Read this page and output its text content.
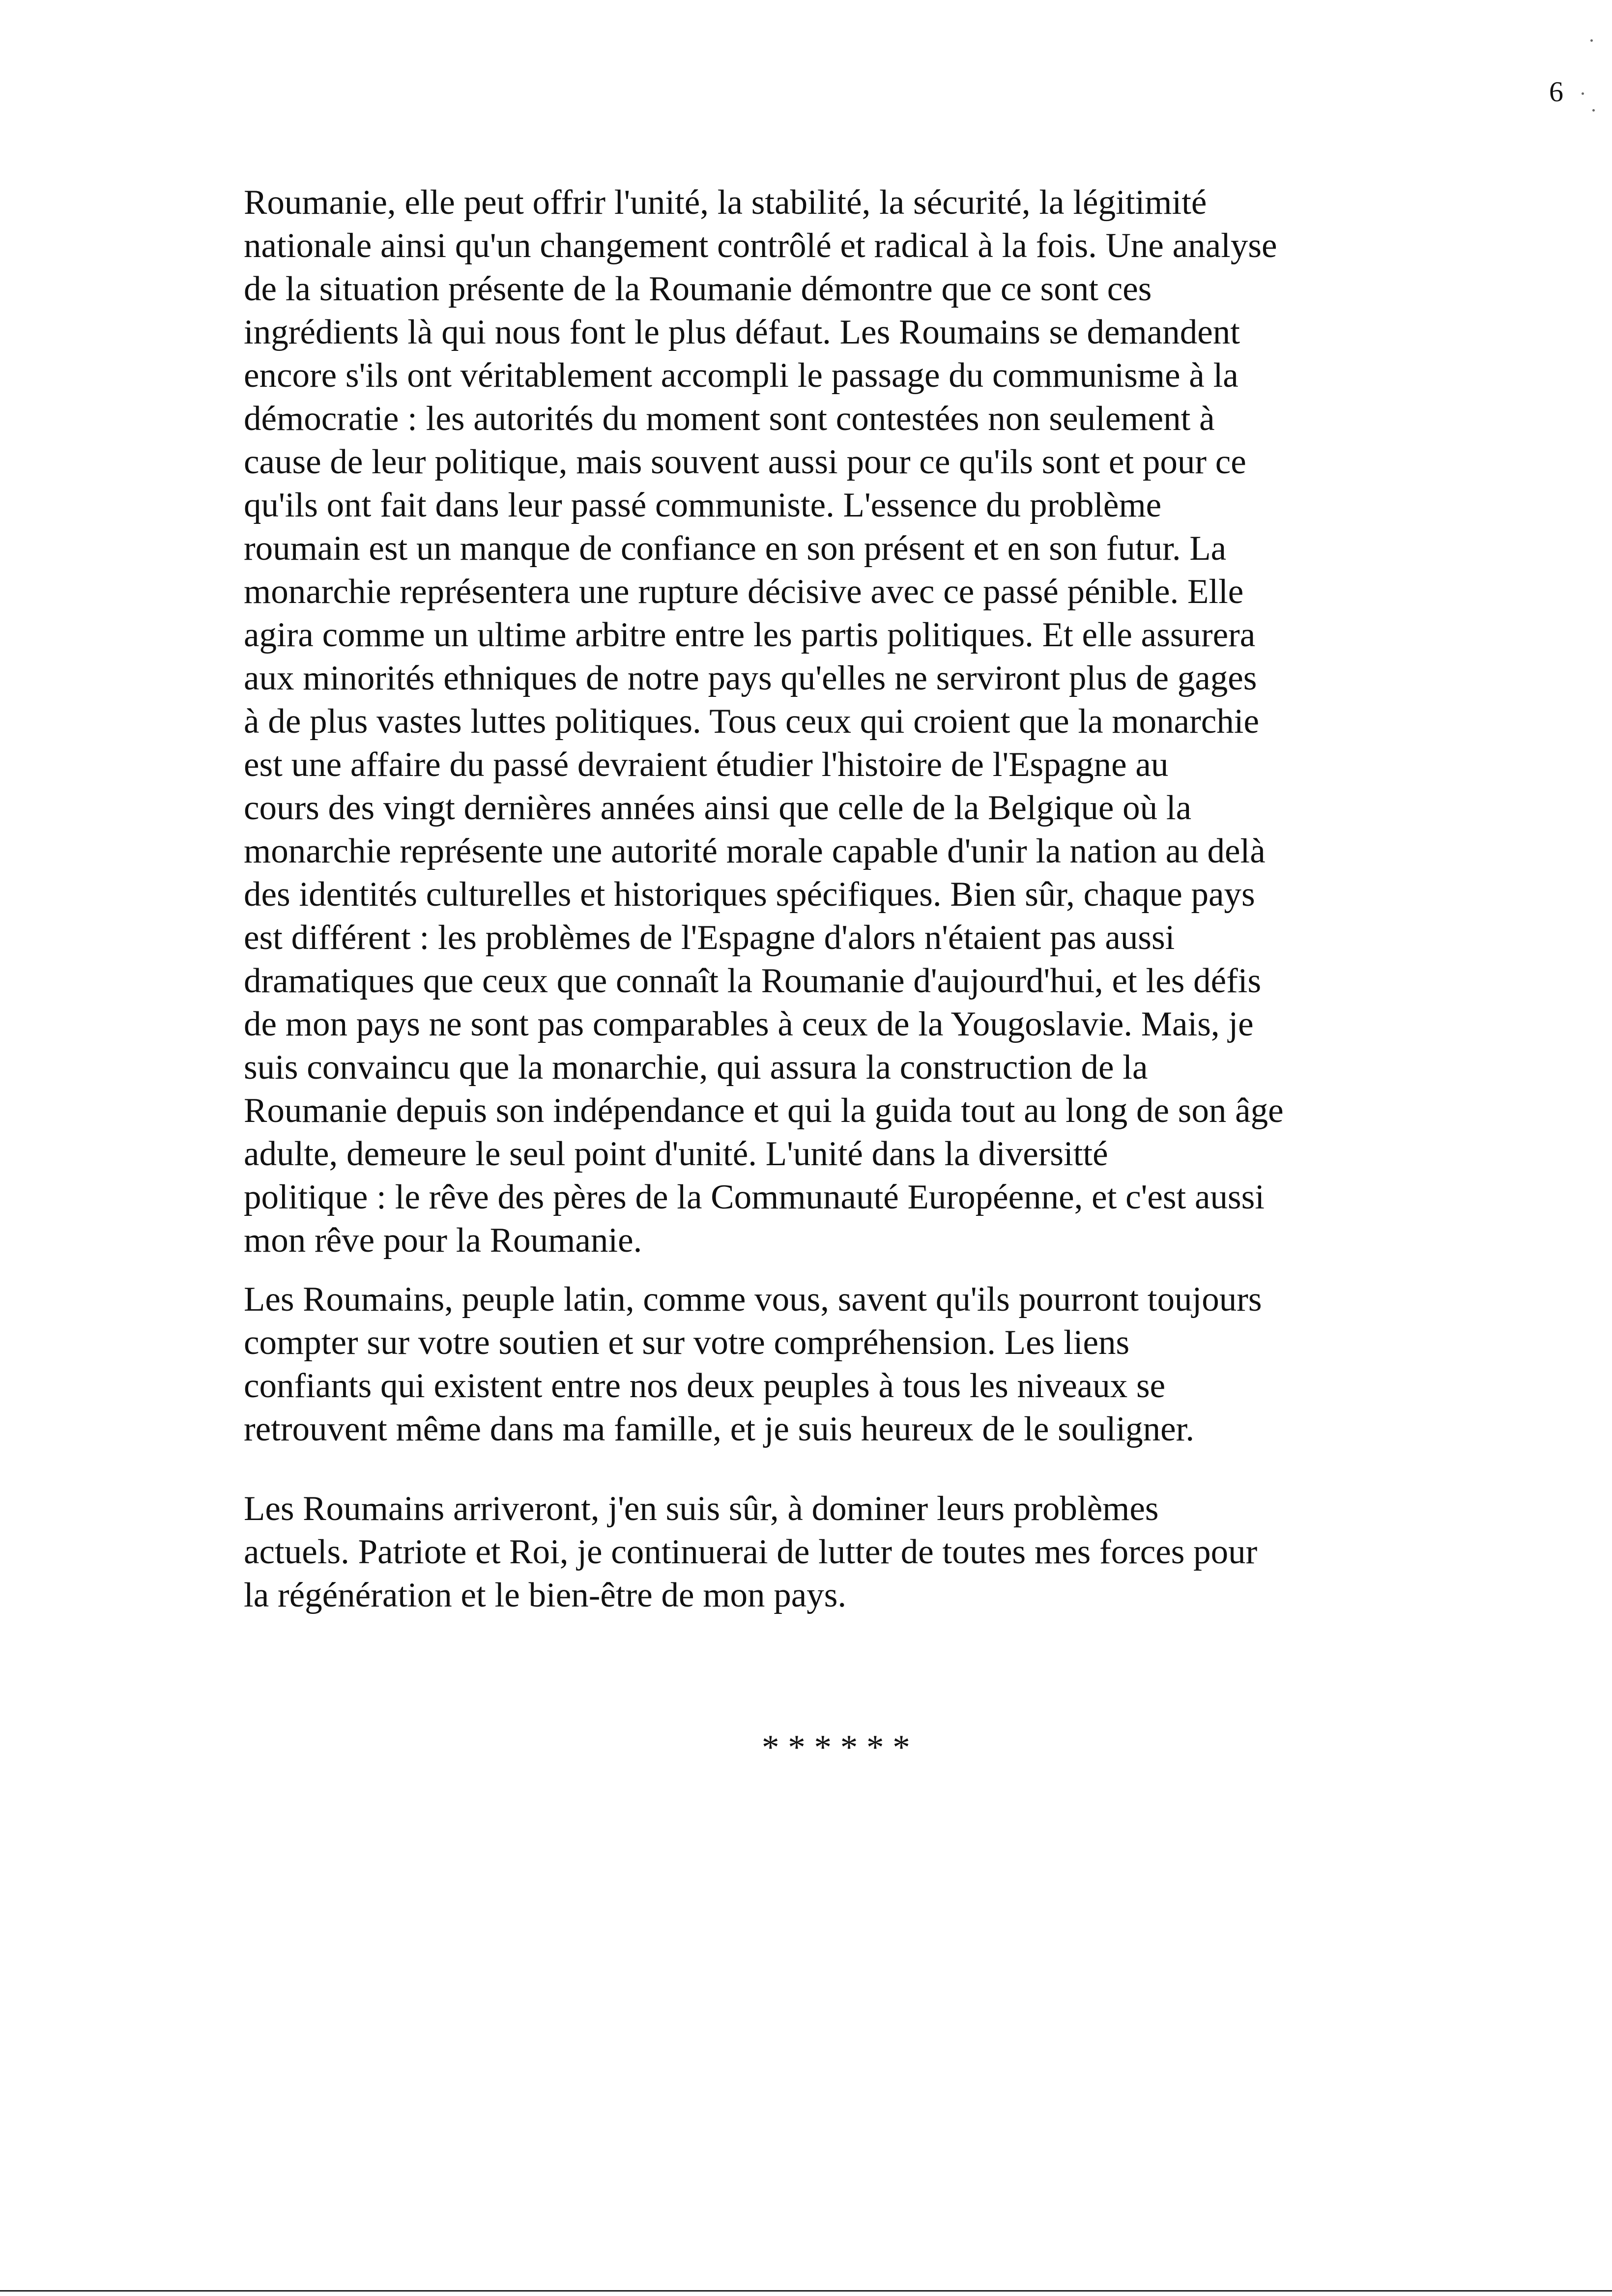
6
Roumanie, elle peut offrir l'unité, la stabilité, la sécurité, la légitimité
nationale ainsi qu'un changement contrôlé et radical à la fois. Une analyse
de la situation présente de la Roumanie démontre que ce sont ces
ingrédients là qui nous font le plus défaut. Les Roumains se demandent
encore s'ils ont véritablement accompli le passage du communisme à la
démocratie : les autorités du moment sont contestées non seulement à
cause de leur politique, mais souvent aussi pour ce qu'ils sont et pour ce
qu'ils ont fait dans leur passé communiste. L'essence du problème
roumain est un manque de confiance en son présent et en son futur. La
monarchie représentera une rupture décisive avec ce passé pénible. Elle
agira comme un ultime arbitre entre les partis politiques. Et elle assurera
aux minorités ethniques de notre pays qu'elles ne serviront plus de gages
à de plus vastes luttes politiques. Tous ceux qui croient que la monarchie
est une affaire du passé devraient étudier l'histoire de l'Espagne au
cours des vingt dernières années ainsi que celle de la Belgique où la
monarchie représente une autorité morale capable d'unir la nation au delà
des identités culturelles et historiques spécifiques. Bien sûr, chaque pays
est différent : les problèmes de l'Espagne d'alors n'étaient pas aussi
dramatiques que ceux que connaît la Roumanie d'aujourd'hui, et les défis
de mon pays ne sont pas comparables à ceux de la Yougoslavie. Mais, je
suis convaincu que la monarchie, qui assura la construction de la
Roumanie depuis son indépendance et qui la guida tout au long de son âge
adulte, demeure le seul point d'unité. L'unité dans la diversitté
politique : le rêve des pères de la Communauté Européenne, et c'est aussi
mon rêve pour la Roumanie.
Les Roumains, peuple latin, comme vous, savent qu'ils pourront toujours
compter sur votre soutien et sur votre compréhension. Les liens
confiants qui existent entre nos deux peuples à tous les niveaux se
retrouvent même dans ma famille, et je suis heureux de le souligner.
Les Roumains arriveront, j'en suis sûr, à dominer leurs problèmes
actuels. Patriote et Roi, je continuerai de lutter de toutes mes forces pour
la régénération et le bien-être de mon pays.
* * * * * *
